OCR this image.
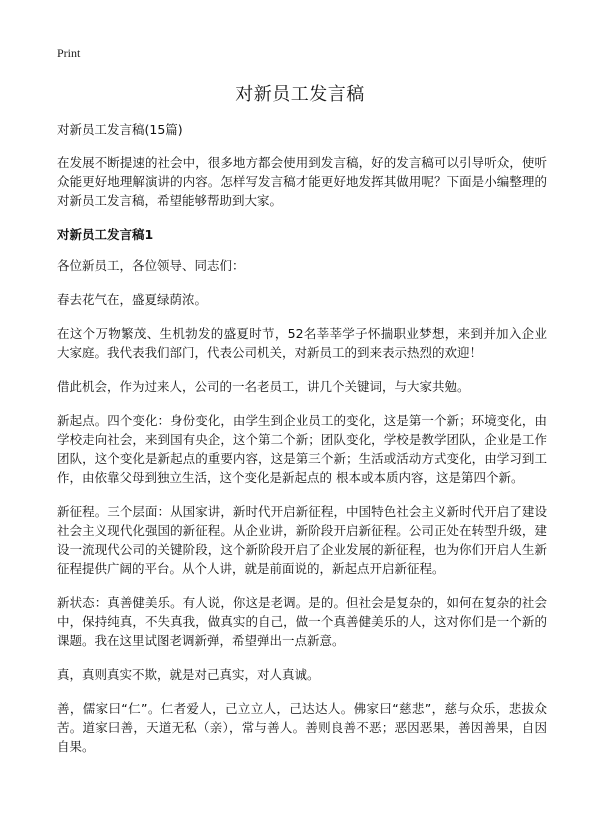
Print
对新员工发言稿

对新员工发言稿(15篇)

在发展不断提速的社会中，很多地方都会使用到发言稿，好的发言稿可以引导听众，使听众能更好地理解演讲的内容。怎样写发言稿才能更好地发挥其做用呢？下面是小编整理的对新员工发言稿，希望能够帮助到大家。

对新员工发言稿1

各位新员工，各位领导、同志们：

春去花气在，盛夏绿荫浓。

在这个万物繁茂、生机勃发的盛夏时节，52名莘莘学子怀揣职业梦想，来到并加入企业大家庭。我代表我们部门，代表公司机关，对新员工的到来表示热烈的欢迎！

借此机会，作为过来人，公司的一名老员工，讲几个关键词，与大家共勉。

新起点。四个变化：身份变化，由学生到企业员工的变化，这是第一个新；环境变化，由学校走向社会，来到国有央企，这个第二个新；团队变化，学校是教学团队，企业是工作团队，这个变化是新起点的重要内容，这是第三个新；生活或活动方式变化，由学习到工作，由依靠父母到独立生活，这个变化是新起点的 根本或本质内容，这是第四个新。

新征程。三个层面：从国家讲，新时代开启新征程，中国特色社会主义新时代开启了建设社会主义现代化强国的新征程。从企业讲，新阶段开启新征程。公司正处在转型升级，建设一流现代公司的关键阶段，这个新阶段开启了企业发展的新征程，也为你们开启人生新征程提供广阔的平台。从个人讲，就是前面说的，新起点开启新征程。

新状态：真善健美乐。有人说，你这是老调。是的。但社会是复杂的，如何在复杂的社会中，保持纯真，不失真我，做真实的自己，做一个真善健美乐的人，这对你们是一个新的课题。我在这里试图老调新弹，希望弹出一点新意。

真，真则真实不欺，就是对己真实，对人真诚。

善，儒家曰“仁”。仁者爱人，己立立人，己达达人。佛家曰“慈悲”，慈与众乐，悲拔众苦。道家曰善，天道无私（亲），常与善人。善则良善不恶；恶因恶果，善因善果，自因自果。
